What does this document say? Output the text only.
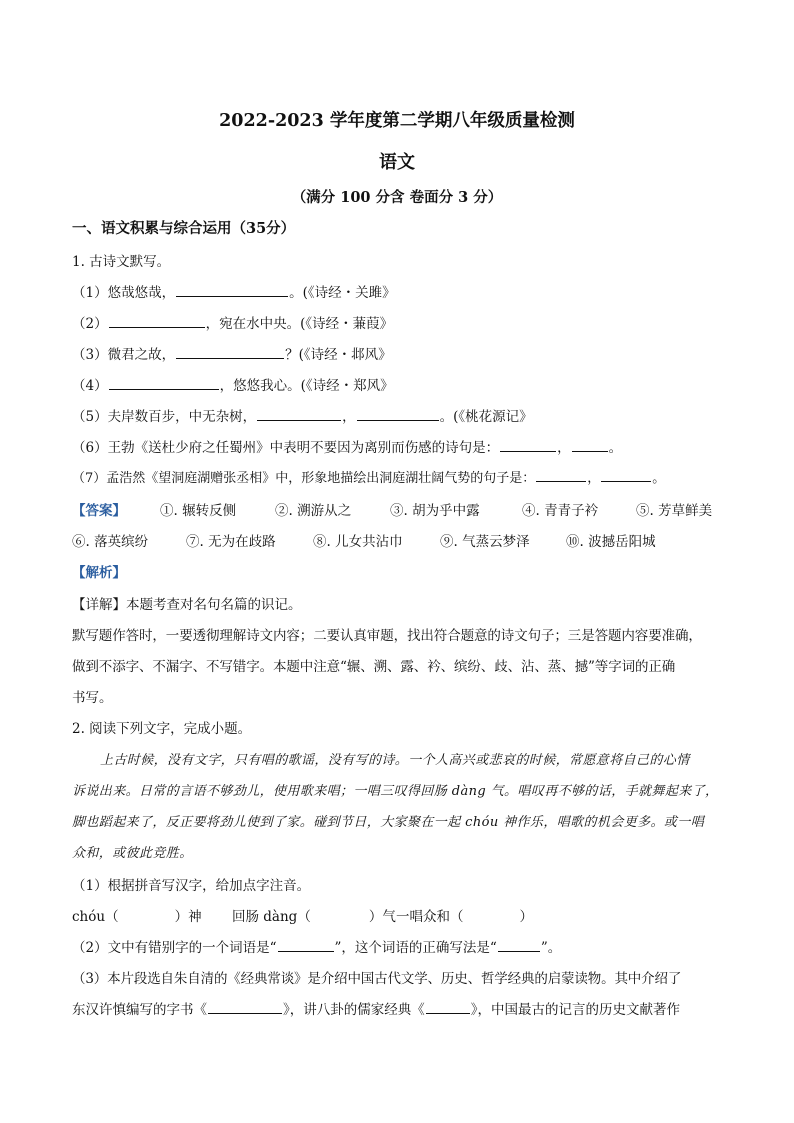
2022-2023 学年度第二学期八年级质量检测
语文
（满分 100 分含 卷面分 3 分）
一、语文积累与综合运用（35分）
1. 古诗文默写。
（1）悠哉悠哉，	。(《诗经・关雎》
（2）	，宛在水中央。(《诗经・蒹葭》
（3）微君之故，	？(《诗经・邶风》
（4）	，悠悠我心。(《诗经・郑风》
（5）夫岸数百步，中无杂树，	，	。(《桃花源记》
（6）王勃《送杜少府之任蜀州》中表明不要因为离别而伤感的诗句是：	，	。
（7）孟浩然《望洞庭湖赠张丞相》中，形象地描绘出洞庭湖壮阔气势的句子是：	，	。
【答案】	①. 辗转反侧	②. 溯游从之	③. 胡为乎中露	④. 青青子衿	⑤. 芳草鲜美
⑥. 落英缤纷	⑦. 无为在歧路	⑧. 儿女共沾巾	⑨. 气蒸云梦泽	⑩. 波撼岳阳城
【解析】
【详解】本题考查对名句名篇的识记。
默写题作答时，一要透彻理解诗文内容；二要认真审题，找出符合题意的诗文句子；三是答题内容要准确，
做到不添字、不漏字、不写错字。本题中注意“辗、溯、露、衿、缤纷、歧、沾、蒸、撼”等字词的正确
书写。
2. 阅读下列文字，完成小题。
上古时候，没有文字，只有唱的歌谣，没有写的诗。一个人高兴或悲哀的时候，常愿意将自己的心情
诉说出来。日常的言语不够劲儿，使用歌来唱；一唱三叹得回肠 dàng 气。唱叹再不够的话，手就舞起来了，
脚也蹈起来了，反正要将劲儿使到了家。碰到节日，大家聚在一起 chóu 神作乐，唱歌的机会更多。或一唱
众和，或彼此竞胜。
（1）根据拼音写汉字，给加点字注音。
chóu（	）神 回肠 dàng（	）气 一唱众和（	）
（2）文中有错别字的一个词语是“	”，这个词语的正确写法是“	”。
（3）本片段选自朱自清的《经典常谈》是介绍中国古代文学、历史、哲学经典的启蒙读物。其中介绍了
东汉许慎编写的字书《	》，讲八卦的儒家经典《	》，中国最古的记言的历史文献著作
